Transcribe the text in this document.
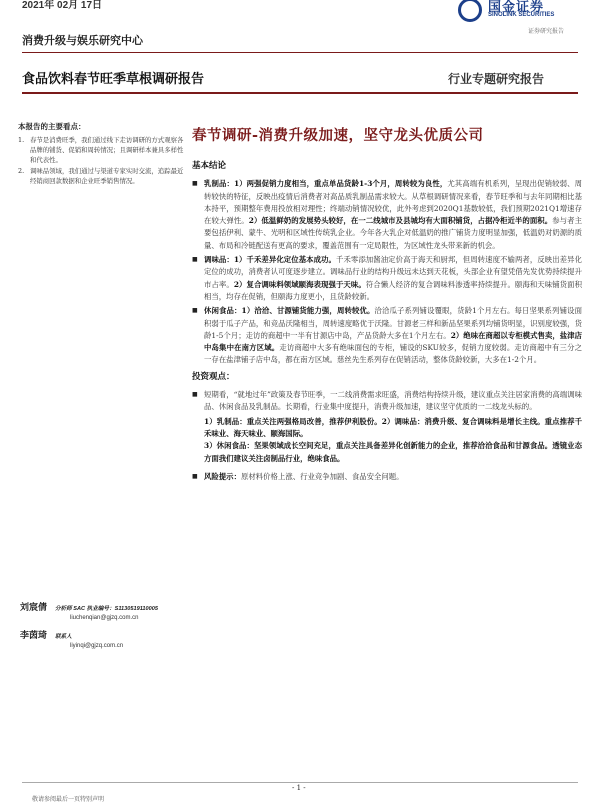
2021年 02月 17日	国金证券
SINOLINK SECURITIES
证券研究报告
消费升级与娱乐研究中心
食品饮料春节旺季草根调研报告	行业专题研究报告
本报告的主要看点：
1. 春节是消费旺季，我们通过线下走访调研的方式观察各品牌的铺货、促销和周转情况；且调研样本兼具多样性和代表性。
2. 调味品领域，我们通过与渠道专家实时交流，追踪最近经销商回款数据和企业旺季销售情况。
刘宸倩 分析师 SAC 执业编号：S1130519110005
liuchenqian@gjzq.com.cn
李茵琦 联系人
liyinqi@gjzq.com.cn
春节调研-消费升级加速，坚守龙头优质公司
基本结论
■ 乳制品：1）两强促销力度相当，重点单品货龄1-3个月，周转较为良性，尤其高端有机系列，呈现出促销较弱、周转较快的特征，反映出疫情后消费者对高品质乳制品需求较大。从草根调研情况来看，春节旺季和与去年同期相比基本持平，预期整年费用投放相对理性；终端动销情况较优，此外考虑到2020Q1基数较低，我们预期2021Q1增速存在较大弹性。2）低温鲜奶的发展势头较好，在一二线城市及县城均有大面积铺货，占据冷柜近半的面积。参与者主要包括伊利、蒙牛、光明和区域性传统乳企业。今年各大乳企对低温奶的推广铺货力度明显加强，低温奶对奶源的质量、布局和冷链配送有更高的要求，覆盖范围有一定局限性，为区域性龙头带来新的机会。
■ 调味品：1）千禾差异化定位基本成功。千禾零添加酱油定价高于海天和厨邦，但周转速度不输两者，反映出差异化定位的成功，消费者认可度逐步建立。调味品行业的结构升级远未达到天花板，头部企业有望凭借先发优势持续提升市占率。2）复合调味料领域颐海表现强于天味。符合懒人经济的复合调味料渗透率持续提升。颐海和天味铺货面积相当，均存在促销，但颐海力度更小，且货龄较新。
■ 休闲食品：1）洽洽、甘源铺货能力强，周转较优。洽洽瓜子系列铺设覆眼，货龄1个月左右。每日坚果系列铺设面积弱于瓜子产品，和竞品沃隆相当，周转速度略优于沃隆。甘源老三样和新品坚果系列均铺货明显，识别度较强，货龄1-5个月；走访的商超中一半有甘源店中岛，产品货龄大多在1个月左右。2）绝味在商超以专柜模式售卖，盐津店中岛集中在南方区域。走访商超中大多有绝味面包的专柜，铺设的SKU较多，促销力度较弱。走访商超中有三分之一存在盐津铺子店中岛，都在南方区域。慈丝先生系列存在促销活动，整体货龄较新，大多在1-2个月。
投资观点：
■ 短期看，“就地过年”政策及春节旺季，一二线消费需求旺盛，消费结构持续升级，建议重点关注居家消费的高端调味品、休闲食品及乳制品。长期看，行业集中度提升，消费升级加速，建议坚守优质的一二线龙头标的。
1）乳制品：重点关注两强格局改善，推荐伊利股份。2）调味品：消费升级、复合调味料是增长主线。重点推荐千禾味业、海天味业、颐海国际。
3）休闲食品：坚果领域成长空间充足，重点关注具备差异化创新能力的企业，推荐洽洽食品和甘源食品。透镜业态方面我们建议关注卤制品行业，绝味食品。
■ 风险提示：原材料价格上涨、行业竞争加剧、食品安全问题。
- 1 -
敬请参阅最后一页特别声明
